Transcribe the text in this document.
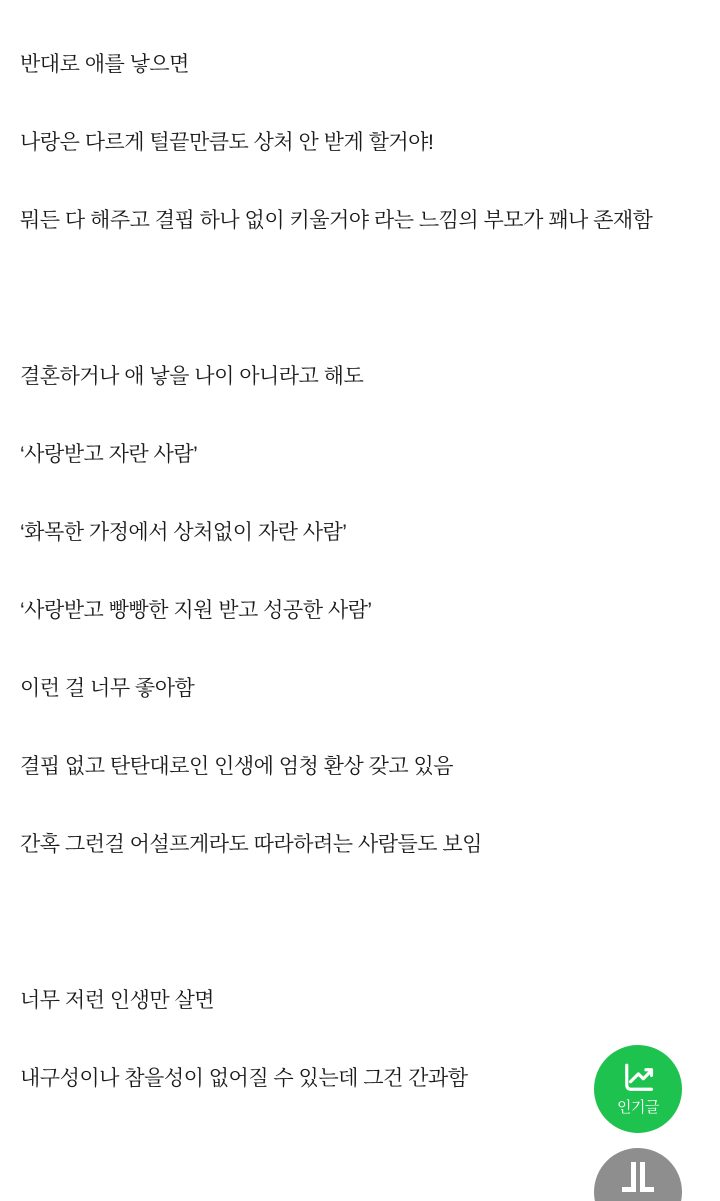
반대로 애를 낳으면

나랑은 다르게 털끝만큼도 상처 안 받게 할거야!

뭐든 다 해주고 결핍 하나 없이 키울거야 라는 느낌의 부모가 꽤나 존재함

결혼하거나 애 낳을 나이 아니라고 해도

‘사랑받고 자란 사람’

‘화목한 가정에서 상처없이 자란 사람’

‘사랑받고 빵빵한 지원 받고 성공한 사람’

이런 걸 너무 좋아함

결핍 없고 탄탄대로인 인생에 엄청 환상 갖고 있음

간혹 그런걸 어설프게라도 따라하려는 사람들도 보임

너무 저런 인생만 살면

내구성이나 참을성이 없어질 수 있는데 그건 간과함

인기글
